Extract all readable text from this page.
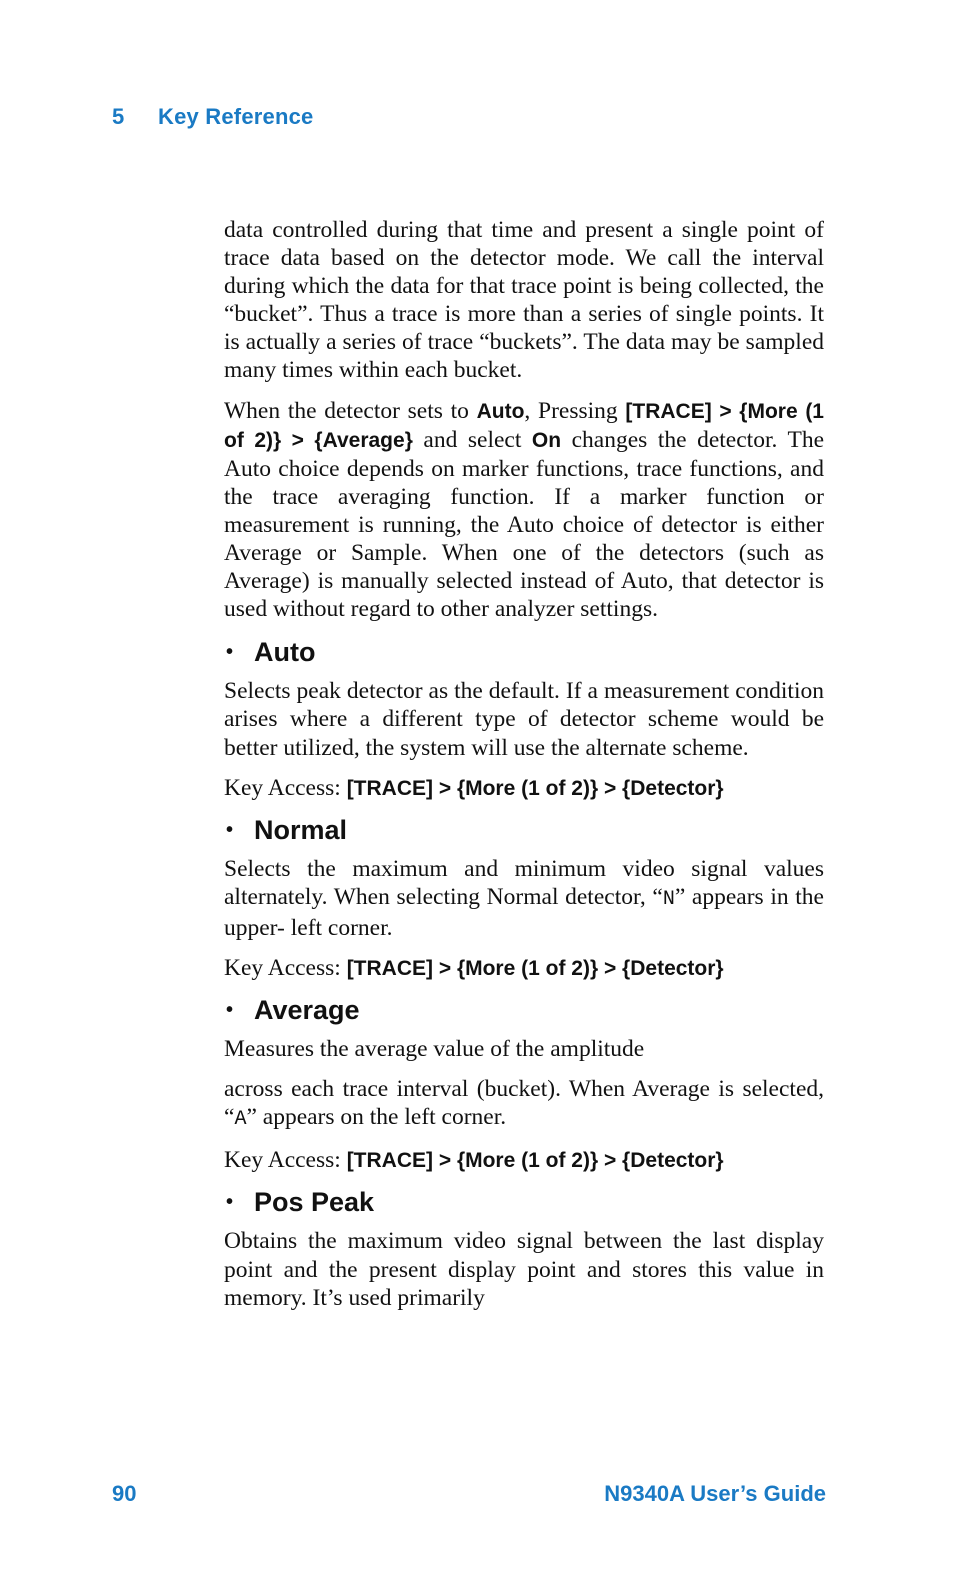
5 Key Reference

data controlled during that time and present a single point of trace data based on the detector mode. We call the interval during which the data for that trace point is being collected, the “bucket”. Thus a trace is more than a series of single points. It is actually a series of trace “buckets”. The data may be sampled many times within each bucket.

When the detector sets to Auto, Pressing [TRACE] > {More (1 of 2)} > {Average} and select On changes the detector. The Auto choice depends on marker functions, trace functions, and the trace averaging function. If a marker function or measurement is running, the Auto choice of detector is either Average or Sample. When one of the detectors (such as Average) is manually selected instead of Auto, that detector is used without regard to other analyzer settings.

• Auto

Selects peak detector as the default. If a measurement condition arises where a different type of detector scheme would be better utilized, the system will use the alternate scheme.

Key Access: [TRACE] > {More (1 of 2)} > {Detector}

• Normal

Selects the maximum and minimum video signal values alternately. When selecting Normal detector, “N” appears in the upper- left corner.

Key Access: [TRACE] > {More (1 of 2)} > {Detector}

• Average

Measures the average value of the amplitude

across each trace interval (bucket). When Average is selected, “A” appears on the left corner.

Key Access: [TRACE] > {More (1 of 2)} > {Detector}

• Pos Peak

Obtains the maximum video signal between the last display point and the present display point and stores this value in memory. It’s used primarily

90	N9340A User’s Guide
